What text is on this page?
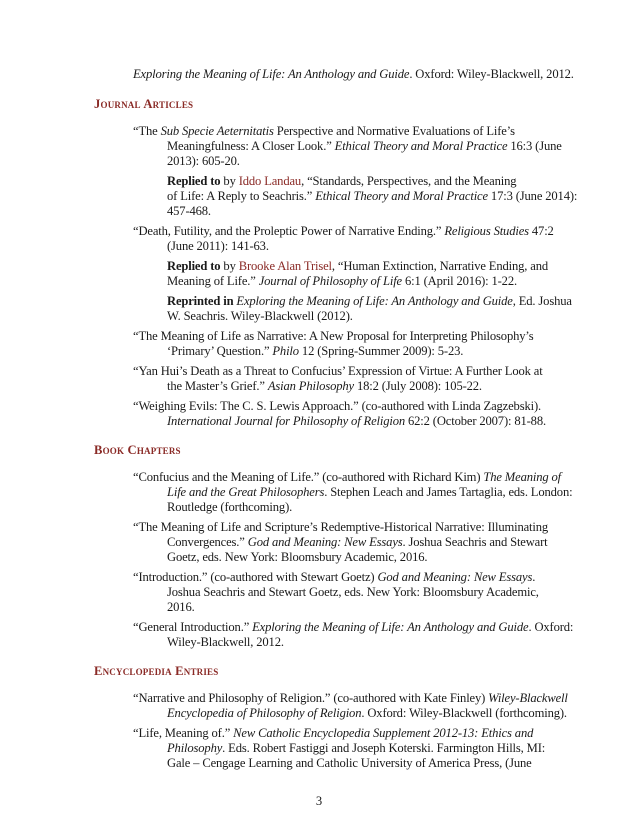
Exploring the Meaning of Life: An Anthology and Guide. Oxford: Wiley-Blackwell, 2012.
Journal Articles
“The Sub Specie Aeternitatis Perspective and Normative Evaluations of Life’s
Meaningfulness: A Closer Look.” Ethical Theory and Moral Practice 16:3 (June
2013): 605-20.
Replied to by Iddo Landau, “Standards, Perspectives, and the Meaning
of Life: A Reply to Seachris.” Ethical Theory and Moral Practice 17:3 (June 2014):
457-468.
“Death, Futility, and the Proleptic Power of Narrative Ending.” Religious Studies 47:2
(June 2011): 141-63.
Replied to by Brooke Alan Trisel, “Human Extinction, Narrative Ending, and
Meaning of Life.” Journal of Philosophy of Life 6:1 (April 2016): 1-22.
Reprinted in Exploring the Meaning of Life: An Anthology and Guide, Ed. Joshua
W. Seachris. Wiley-Blackwell (2012).
“The Meaning of Life as Narrative: A New Proposal for Interpreting Philosophy’s
‘Primary’ Question.” Philo 12 (Spring-Summer 2009): 5-23.
“Yan Hui’s Death as a Threat to Confucius’ Expression of Virtue: A Further Look at
the Master’s Grief.” Asian Philosophy 18:2 (July 2008): 105-22.
“Weighing Evils: The C. S. Lewis Approach.” (co-authored with Linda Zagzebski).
International Journal for Philosophy of Religion 62:2 (October 2007): 81-88.
Book Chapters
“Confucius and the Meaning of Life.” (co-authored with Richard Kim) The Meaning of
Life and the Great Philosophers. Stephen Leach and James Tartaglia, eds. London:
Routledge (forthcoming).
“The Meaning of Life and Scripture’s Redemptive-Historical Narrative: Illuminating
Convergences.” God and Meaning: New Essays. Joshua Seachris and Stewart
Goetz, eds. New York: Bloomsbury Academic, 2016.
“Introduction.” (co-authored with Stewart Goetz) God and Meaning: New Essays.
Joshua Seachris and Stewart Goetz, eds. New York: Bloomsbury Academic,
2016.
“General Introduction.” Exploring the Meaning of Life: An Anthology and Guide. Oxford:
Wiley-Blackwell, 2012.
Encyclopedia Entries
“Narrative and Philosophy of Religion.” (co-authored with Kate Finley) Wiley-Blackwell
Encyclopedia of Philosophy of Religion. Oxford: Wiley-Blackwell (forthcoming).
“Life, Meaning of.” New Catholic Encyclopedia Supplement 2012-13: Ethics and
Philosophy. Eds. Robert Fastiggi and Joseph Koterski. Farmington Hills, MI:
Gale – Cengage Learning and Catholic University of America Press, (June
3
